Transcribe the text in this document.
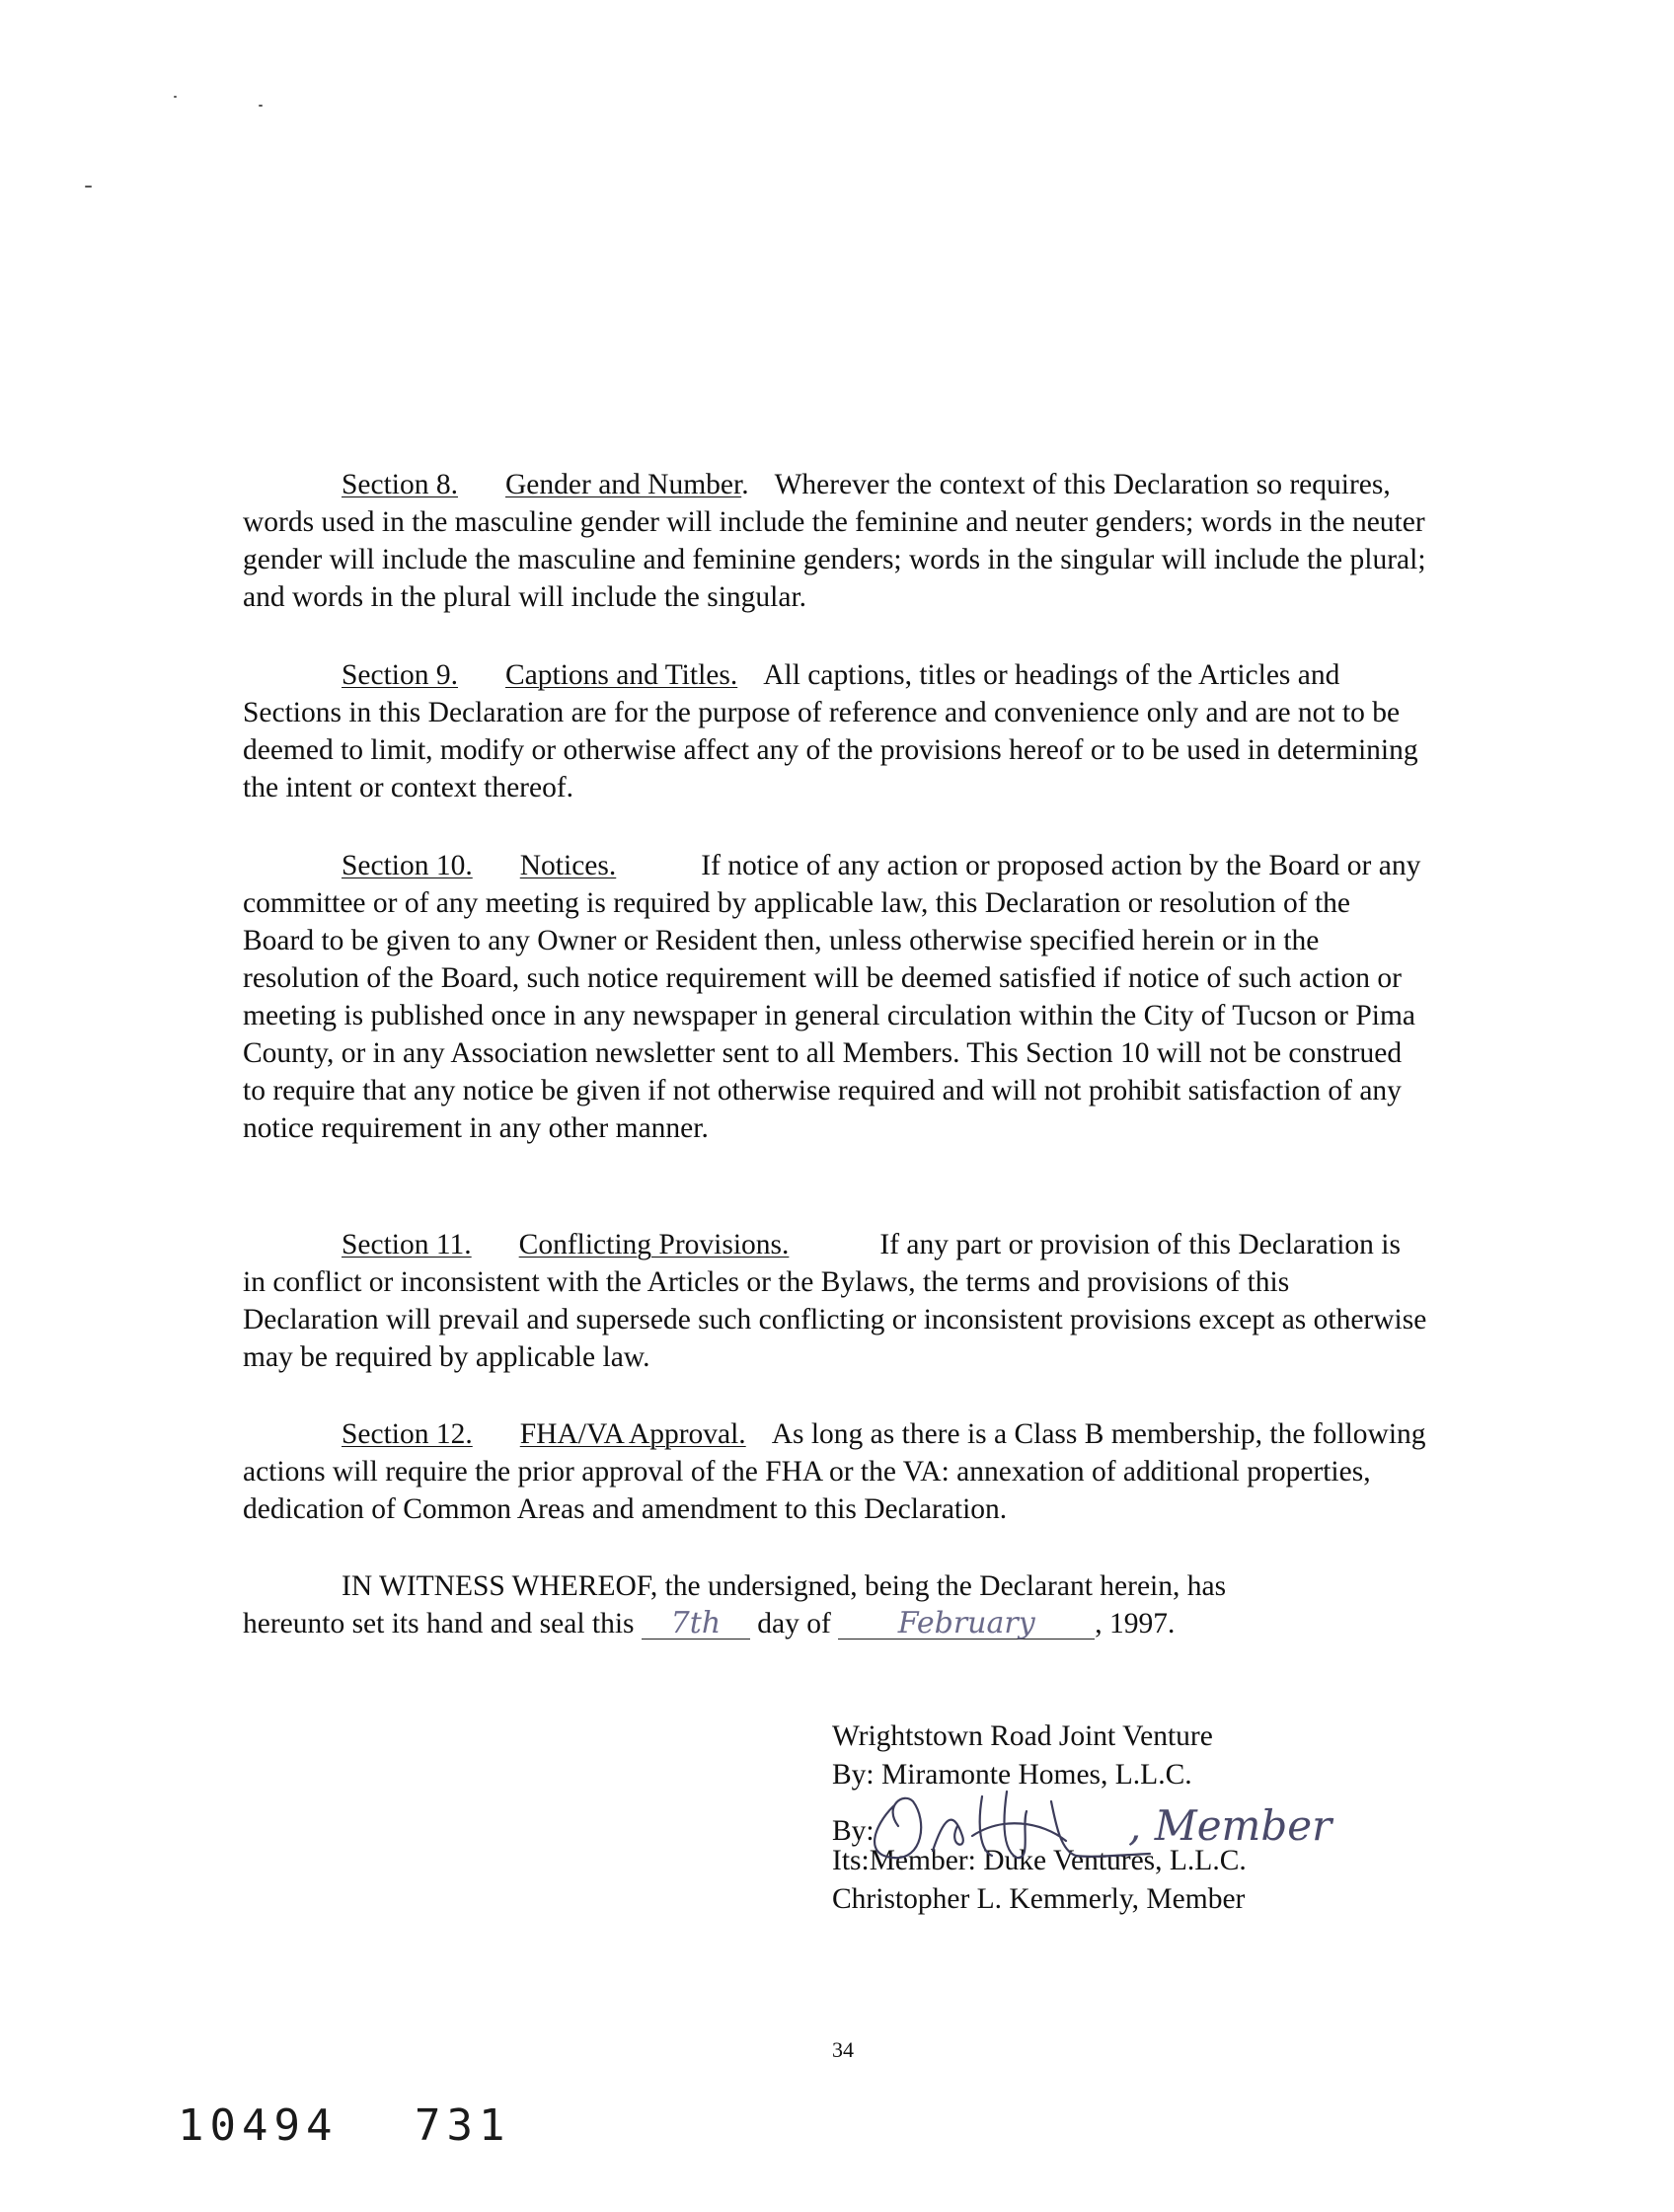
Section 8. Gender and Number. Wherever the context of this Declaration so requires, words used in the masculine gender will include the feminine and neuter genders; words in the neuter gender will include the masculine and feminine genders; words in the singular will include the plural; and words in the plural will include the singular.

Section 9. Captions and Titles. All captions, titles or headings of the Articles and Sections in this Declaration are for the purpose of reference and convenience only and are not to be deemed to limit, modify or otherwise affect any of the provisions hereof or to be used in determining the intent or context thereof.

Section 10. Notices.	If notice of any action or proposed action by the Board or any committee or of any meeting is required by applicable law, this Declaration or resolution of the Board to be given to any Owner or Resident then, unless otherwise specified herein or in the resolution of the Board, such notice requirement will be deemed satisfied if notice of such action or meeting is published once in any newspaper in general circulation within the City of Tucson or Pima County, or in any Association newsletter sent to all Members. This Section 10 will not be construed to require that any notice be given if not otherwise required and will not prohibit satisfaction of any notice requirement in any other manner.

Section 11. Conflicting Provisions.	If any part or provision of this Declaration is in conflict or inconsistent with the Articles or the Bylaws, the terms and provisions of this Declaration will prevail and supersede such conflicting or inconsistent provisions except as otherwise may be required by applicable law.

Section 12. FHA/VA Approval. As long as there is a Class B membership, the following actions will require the prior approval of the FHA or the VA: annexation of additional properties, dedication of Common Areas and amendment to this Declaration.

IN WITNESS WHEREOF, the undersigned, being the Declarant herein, has
hereunto set its hand and seal this 7th day of February , 1997.

Wrightstown Road Joint Venture
By: Miramonte Homes, L.L.C.
By:	, Member
Its:Member: Duke Ventures, L.L.C.
Christopher L. Kemmerly, Member
34
10494 731
